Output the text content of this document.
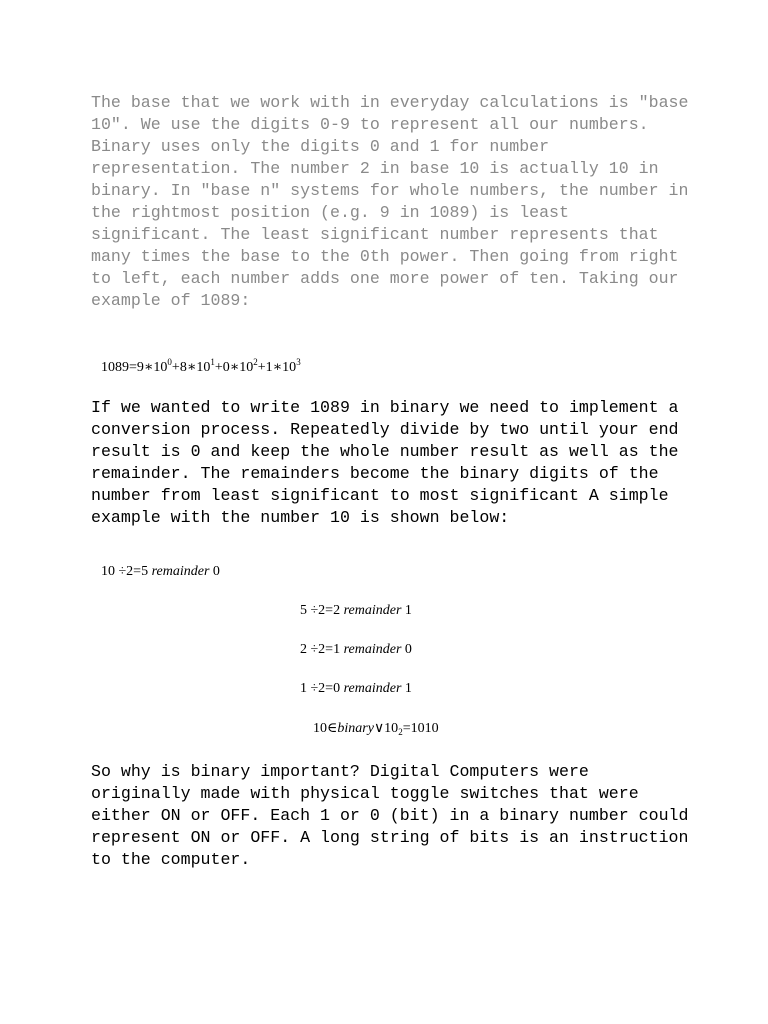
The base that we work with in everyday calculations is "base 10". We use the digits 0-9 to represent all our numbers. Binary uses only the digits 0 and 1 for number representation. The number 2 in base 10 is actually 10 in binary. In "base n" systems for whole numbers, the number in the rightmost position (e.g. 9 in 1089) is least significant. The least significant number represents that many times the base to the 0th power. Then going from right to left, each number adds one more power of ten. Taking our example of 1089:

$1089=9∗10^0+8∗10^1+0∗10^2+1∗10^3$

If we wanted to write 1089 in binary we need to implement a conversion process. Repeatedly divide by two until your end result is 0 and keep the whole number result as well as the remainder. The remainders become the binary digits of the number from least significant to most significant A simple example with the number 10 is shown below:

10 ÷2=5 remainder 0
5 ÷2=2 remainder 1
2 ÷2=1 remainder 0
1 ÷2=0 remainder 1
$10\in binary\vee 10_2=1010$

So why is binary important? Digital Computers were originally made with physical toggle switches that were either ON or OFF. Each 1 or 0 (bit) in a binary number could represent ON or OFF. A long string of bits is an instruction to the computer.
